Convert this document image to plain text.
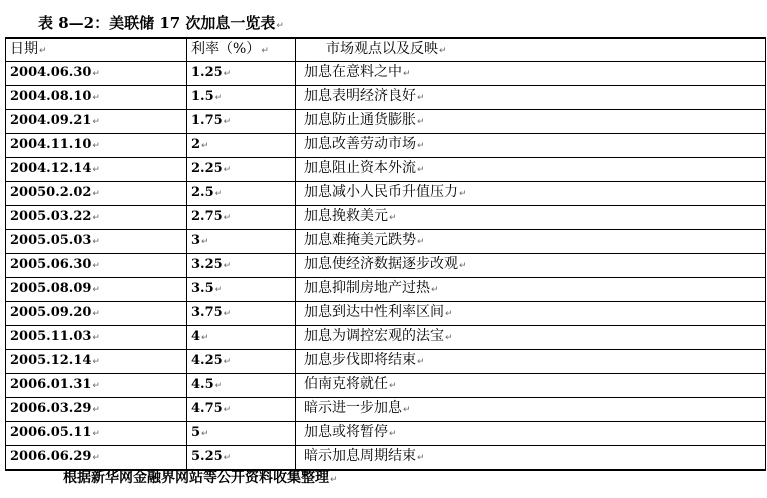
表 8—2：美联储 17 次加息一览表↵
日期↵	利率（%）↵	市场观点以及反映↵
2004.06.30↵	1.25↵	加息在意料之中↵
2004.08.10↵	1.5↵	加息表明经济良好↵
2004.09.21↵	1.75↵	加息防止通货膨胀↵
2004.11.10↵	2↵	加息改善劳动市场↵
2004.12.14↵	2.25↵	加息阻止资本外流↵
20050.2.02↵	2.5↵	加息减小人民币升值压力↵
2005.03.22↵	2.75↵	加息挽救美元↵
2005.05.03↵	3↵	加息难掩美元跌势↵
2005.06.30↵	3.25↵	加息使经济数据逐步改观↵
2005.08.09↵	3.5↵	加息抑制房地产过热↵
2005.09.20↵	3.75↵	加息到达中性利率区间↵
2005.11.03↵	4↵	加息为调控宏观的法宝↵
2005.12.14↵	4.25↵	加息步伐即将结束↵
2006.01.31↵	4.5↵	伯南克将就任↵
2006.03.29↵	4.75↵	暗示进一步加息↵
2006.05.11↵	5↵	加息或将暂停↵
2006.06.29↵	5.25↵	暗示加息周期结束↵
根据新华网金融界网站等公开资料收集整理↵
